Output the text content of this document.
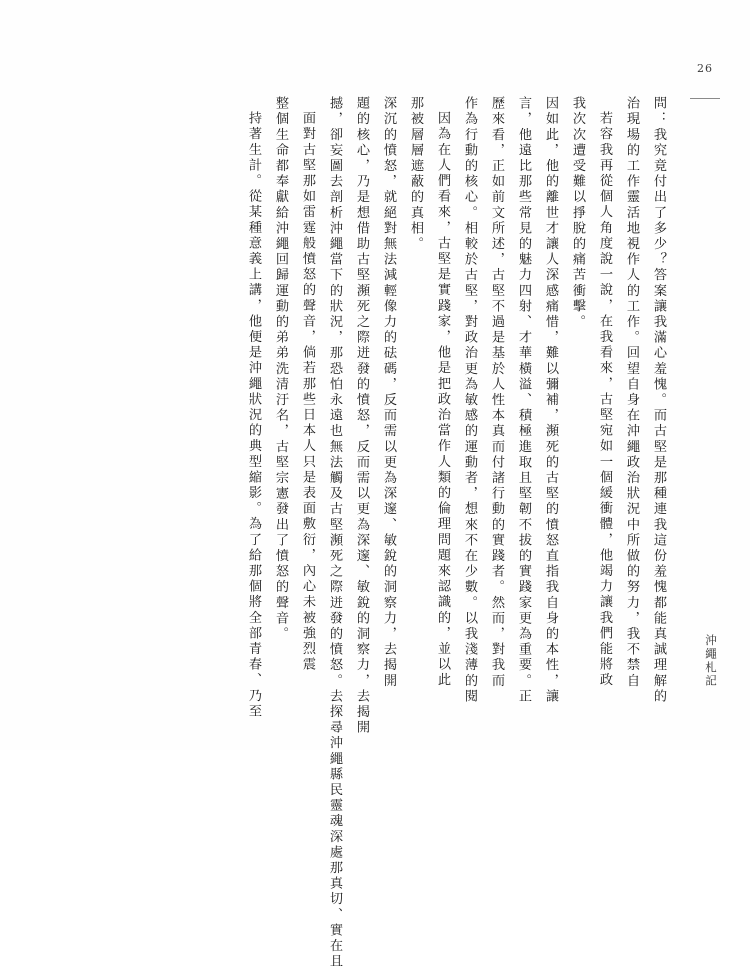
26
持著生計。從某種意義上講，他便是沖繩狀況的典型縮影。為了給那個將全部青春、乃至 整個生命都奉獻給沖繩回歸運動的弟弟洗清汙名，古堅宗憲發出了憤怒的聲音。 面對古堅那如雷霆般憤怒的聲音，倘若那些日本人只是表面敷衍，內心未被強烈震 撼，卻妄圖去剖析沖繩當下的狀況，那恐怕永遠也無法觸及古堅瀕死之際迸發的憤怒。去探尋沖繩縣民靈魂深處那真切、實在且 題的核心，乃是想借助古堅瀕死之際迸發的憤怒，反而需以更為深邃、敏銳的洞察力，去揭開 深沉的憤怒，就絕對無法減輕像力的砝碼，反而需以更為深邃、敏銳的洞察力，去揭開 那被層層遮蔽的真相。 因為在人們看來，古堅是實踐家，他是把政治當作人類的倫理問題來認識的，並以此 作為行動的核心。相較於古堅，對政治更為敏感的運動者，想來不在少數。以我淺薄的閱 歷來看，正如前文所述，古堅不過是基於人性本真而付諸行動的實踐者。然而，對我而 言，他遠比那些常見的魅力四射、才華橫溢、積極進取且堅韌不拔的實踐家更為重要。正 因如此，他的離世才讓人深感痛惜，難以彌補，瀕死的古堅的憤怒直指我自身的本性，讓 我次次遭受難以掙脫的痛苦衝擊。 若容我再從個人角度說一說，在我看來，古堅宛如一個緩衝體，他竭力讓我們能將政 治現場的工作靈活地視作人的工作。回望自身在沖繩政治狀況中所做的努力，我不禁自 問：我究竟付出了多少？答案讓我滿心羞愧。而古堅是那種連我這份羞愧都能真誠理解的	沖繩札記
